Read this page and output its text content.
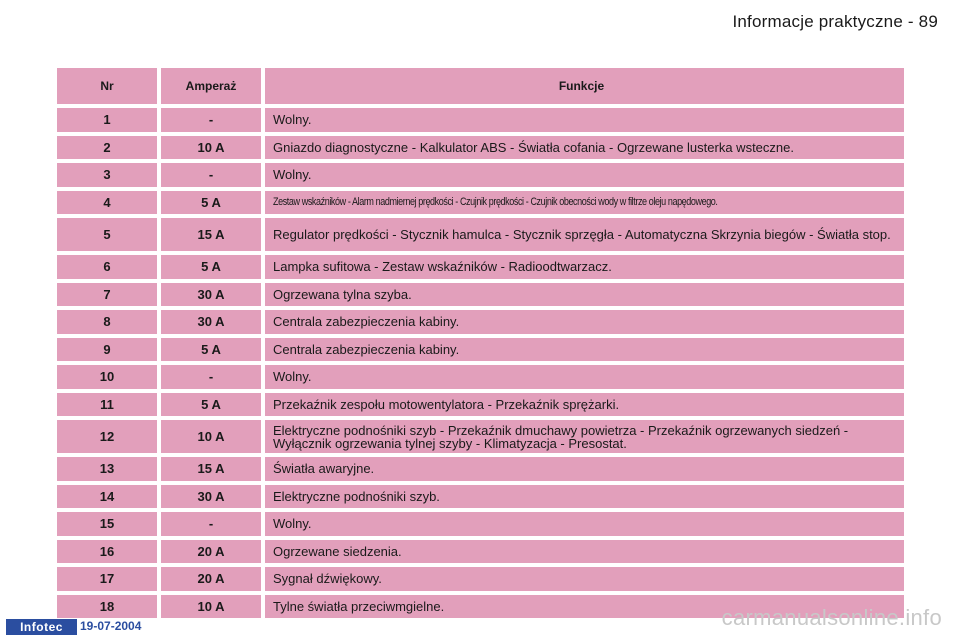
Informacje praktyczne - 89
Nr	Amperaż	Funkcje
1	-	Wolny.
2	10 A	Gniazdo diagnostyczne - Kalkulator ABS - Światła cofania - Ogrzewane lusterka wsteczne.
3	-	Wolny.
4	5 A	Zestaw wskaźników - Alarm nadmiernej prędkości - Czujnik prędkości - Czujnik obecności wody w filtrze oleju napędowego.
5	15 A	Regulator prędkości - Stycznik hamulca - Stycznik sprzęgła - Automatyczna Skrzynia biegów - Światła stop.
6	5 A	Lampka sufitowa - Zestaw wskaźników - Radioodtwarzacz.
7	30 A	Ogrzewana tylna szyba.
8	30 A	Centrala zabezpieczenia kabiny.
9	5 A	Centrala zabezpieczenia kabiny.
10	-	Wolny.
11	5 A	Przekaźnik zespołu motowentylatora - Przekaźnik sprężarki.
12	10 A	Elektryczne podnośniki szyb - Przekaźnik dmuchawy powietrza - Przekaźnik ogrzewanych siedzeń - Wyłącznik ogrzewania tylnej szyby - Klimatyzacja - Presostat.
13	15 A	Światła awaryjne.
14	30 A	Elektryczne podnośniki szyb.
15	-	Wolny.
16	20 A	Ogrzewane siedzenia.
17	20 A	Sygnał dźwiękowy.
18	10 A	Tylne światła przeciwmgielne.
Infotec	19-07-2004	carmanualsonline.info
